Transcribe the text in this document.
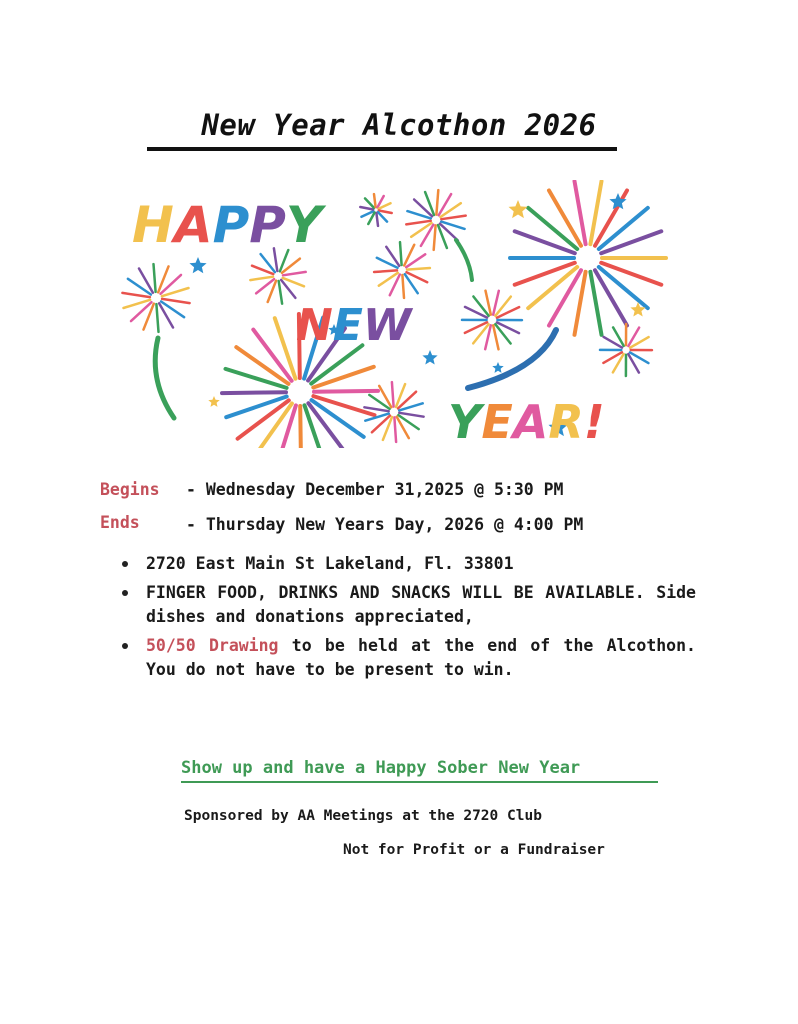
New Year Alcothon 2026
HAPPY
NEW
YEAR!
Begins - Wednesday December 31,2025 @ 5:30 PM
Ends	- Thursday New Years Day, 2026 @ 4:00 PM
2720 East Main St Lakeland, Fl. 33801
FINGER FOOD, DRINKS AND SNACKS WILL BE AVAILABLE. Side dishes and donations appreciated,
50/50 Drawing to be held at the end of the Alcothon. You do not have to be present to win.
Show up and have a Happy Sober New Year
Sponsored by AA Meetings at the 2720 Club
Not for Profit or a Fundraiser
